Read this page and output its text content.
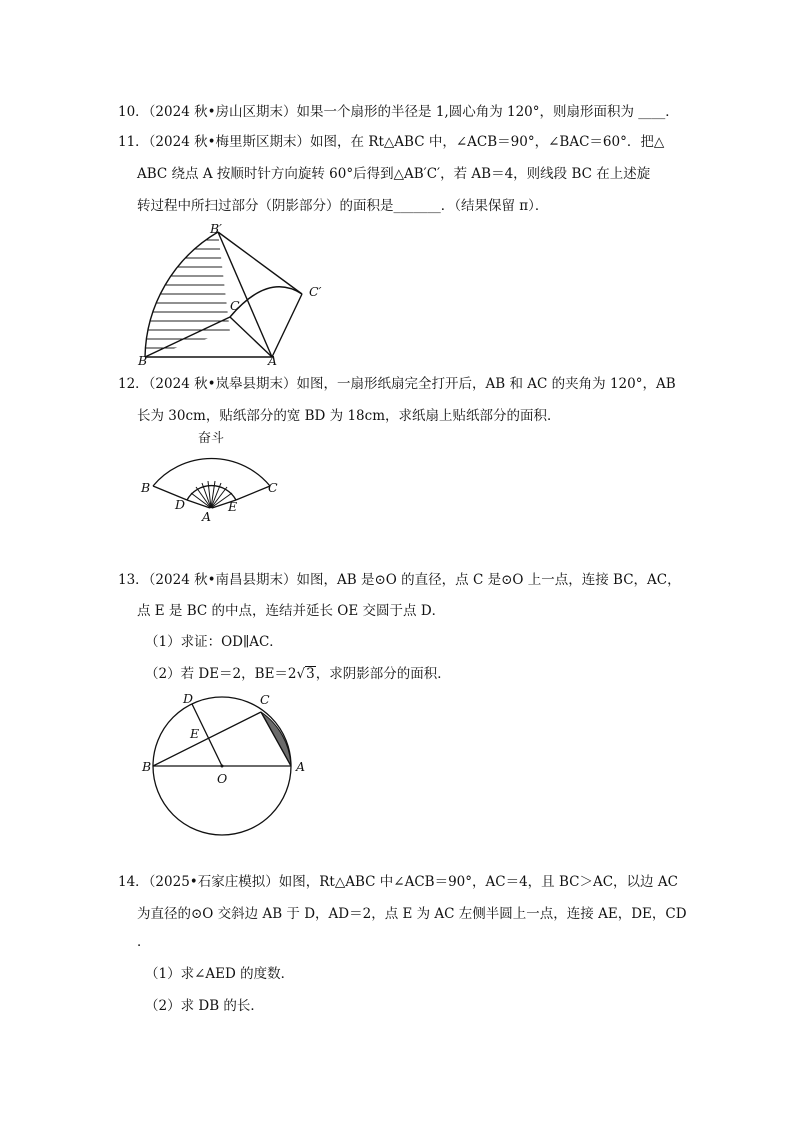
10．（2024 秋•房山区期末）如果一个扇形的半径是 1,圆心角为 120°，则扇形面积为 ____．
11．（2024 秋•梅里斯区期末）如图，在 Rt△ABC 中，∠ACB＝90°，∠BAC＝60°．把△
ABC 绕点 A 按顺时针方向旋转 60°后得到△AB′C′，若 AB＝4，则线段 BC 在上述旋
转过程中所扫过部分（阴影部分）的面积是_______．（结果保留 π）．
B′
C′
C
B	A
12．（2024 秋•岚皋县期末）如图，一扇形纸扇完全打开后，AB 和 AC 的夹角为 120°，AB
长为 30cm，贴纸部分的宽 BD 为 18cm，求纸扇上贴纸部分的面积．
奋斗
B	C
D	E
A
13．（2024 秋•南昌县期末）如图，AB 是⊙O 的直径，点 C 是⊙O 上一点，连接 BC，AC，
点 E 是 BC 的中点，连结并延长 OE 交圆于点 D．
（1）求证：OD∥AC．
（2）若 DE＝2，BE＝2√3，求阴影部分的面积．
D	C
E
B
O
A
14．（2025•石家庄模拟）如图，Rt△ABC 中∠ACB＝90°，AC＝4，且 BC＞AC，以边 AC
为直径的⊙O 交斜边 AB 于 D，AD＝2，点 E 为 AC 左侧半圆上一点，连接 AE，DE，CD
．
（1）求∠AED 的度数．
（2）求 DB 的长．
